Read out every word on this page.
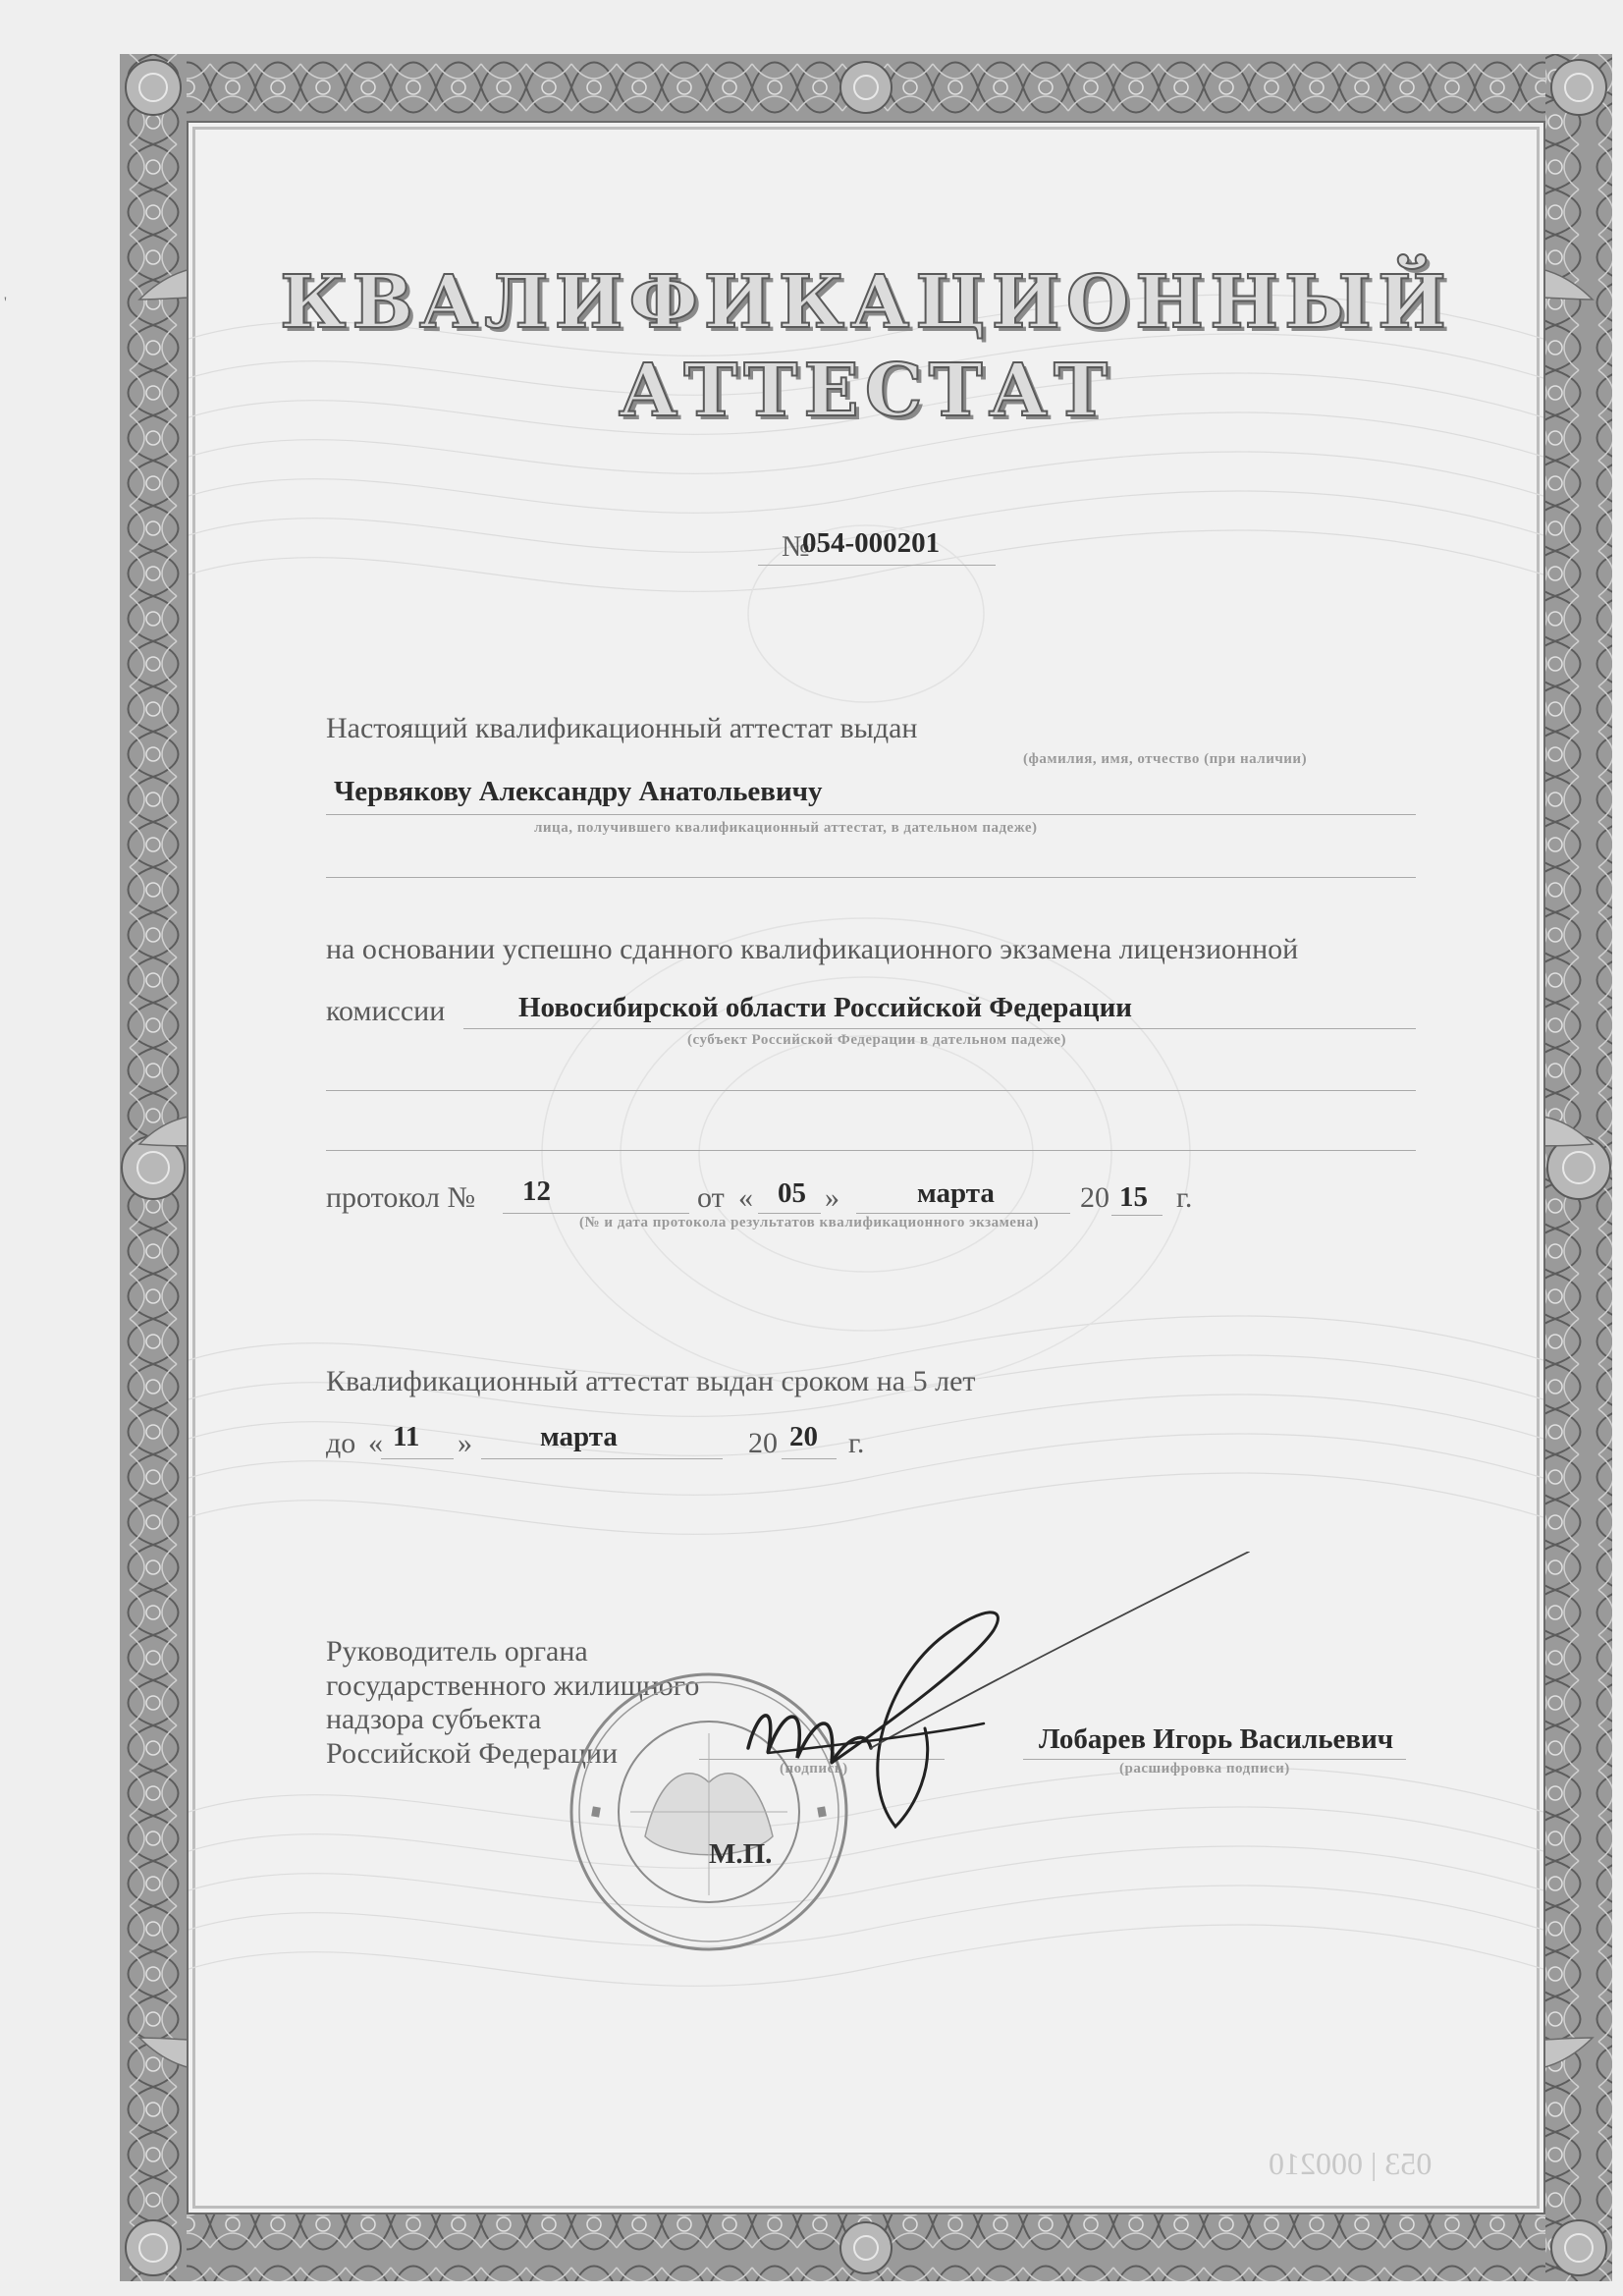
'	КВАЛИФИКАЦИОННЫЙ
АТТЕСТАТ
№
054-000201
Настоящий квалификационный аттестат выдан
(фамилия, имя, отчество (при наличии)
Червякову Александру Анатольевичу
лица, получившего квалификационный аттестат, в дательном падеже)
на основании успешно сданного квалификационного экзамена лицензионной
комиссии	Новосибирской области Российской Федерации
(субъект Российской Федерации в дательном падеже)
протокол № 12	от « 05 »	марта	20 15 г.
(№ и дата протокола результатов квалификационного экзамена)
Квалификационный аттестат выдан сроком на 5 лет
до « 11 » марта	20 20 г.
Руководитель органа
государственного жилищного
надзора субъекта
Российской Федерации	(подпись)
Лобарев Игорь Васильевич
(расшифровка подписи)
М.П.
053 | 000210
